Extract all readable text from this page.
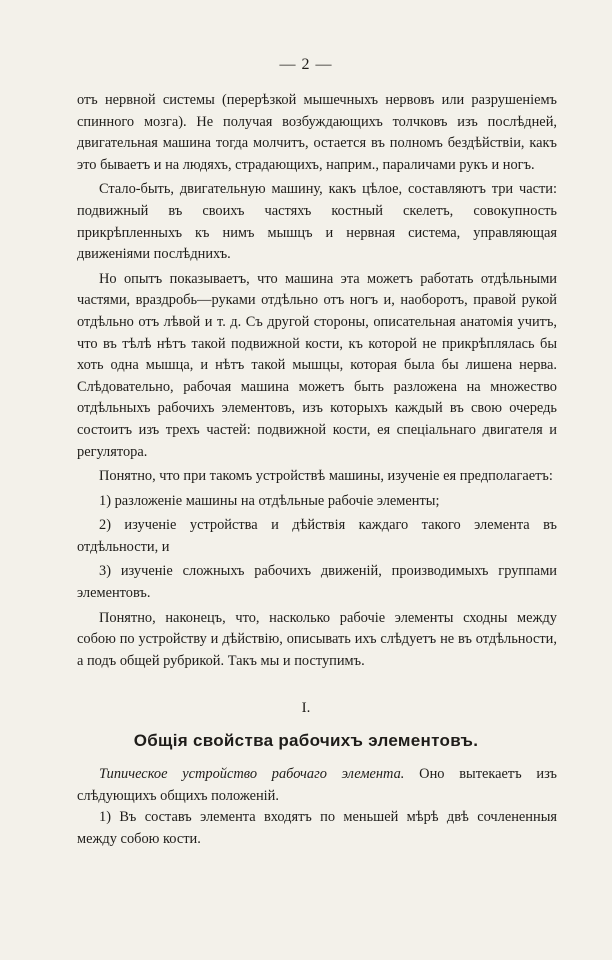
— 2 —

отъ нервной системы (перерѣзкой мышечныхъ нервовъ или разрушеніемъ спинного мозга). Не получая возбуждающихъ толчковъ изъ послѣдней, двигательная машина тогда молчитъ, остается въ полномъ бездѣйствіи, какъ это бываетъ и на людяхъ, страдающихъ, наприм., параличами рукъ и ногъ.

Стало-быть, двигательную машину, какъ цѣлое, составляютъ три части: подвижный въ своихъ частяхъ костный скелетъ, совокупность прикрѣпленныхъ къ нимъ мышцъ и нервная система, управляющая движеніями послѣднихъ.

Но опытъ показываетъ, что машина эта можетъ работать отдѣльными частями, враздробь—руками отдѣльно отъ ногъ и, наоборотъ, правой рукой отдѣльно отъ лѣвой и т. д. Съ другой стороны, описательная анатомія учитъ, что въ тѣлѣ нѣтъ такой подвижной кости, къ которой не прикрѣплялась бы хоть одна мышца, и нѣтъ такой мышцы, которая была бы лишена нерва. Слѣдовательно, рабочая машина можетъ быть разложена на множество отдѣльныхъ рабочихъ элементовъ, изъ которыхъ каждый въ свою очередь состоитъ изъ трехъ частей: подвижной кости, ея спеціальнаго двигателя и регулятора.

Понятно, что при такомъ устройствѣ машины, изученіе ея предполагаетъ:

1) разложеніе машины на отдѣльные рабочіе элементы;

2) изученіе устройства и дѣйствія каждаго такого элемента въ отдѣльности, и

3) изученіе сложныхъ рабочихъ движеній, производимыхъ группами элементовъ.

Понятно, наконецъ, что, насколько рабочіе элементы сходны между собою по устройству и дѣйствію, описывать ихъ слѣдуетъ не въ отдѣльности, а подъ общей рубрикой. Такъ мы и поступимъ.

I.
Общія свойства рабочихъ элементовъ.

Типическое устройство рабочаго элемента. Оно вытекаетъ изъ слѣдующихъ общихъ положеній.

1) Въ составъ элемента входятъ по меньшей мѣрѣ двѣ сочлененныя между собою кости.
